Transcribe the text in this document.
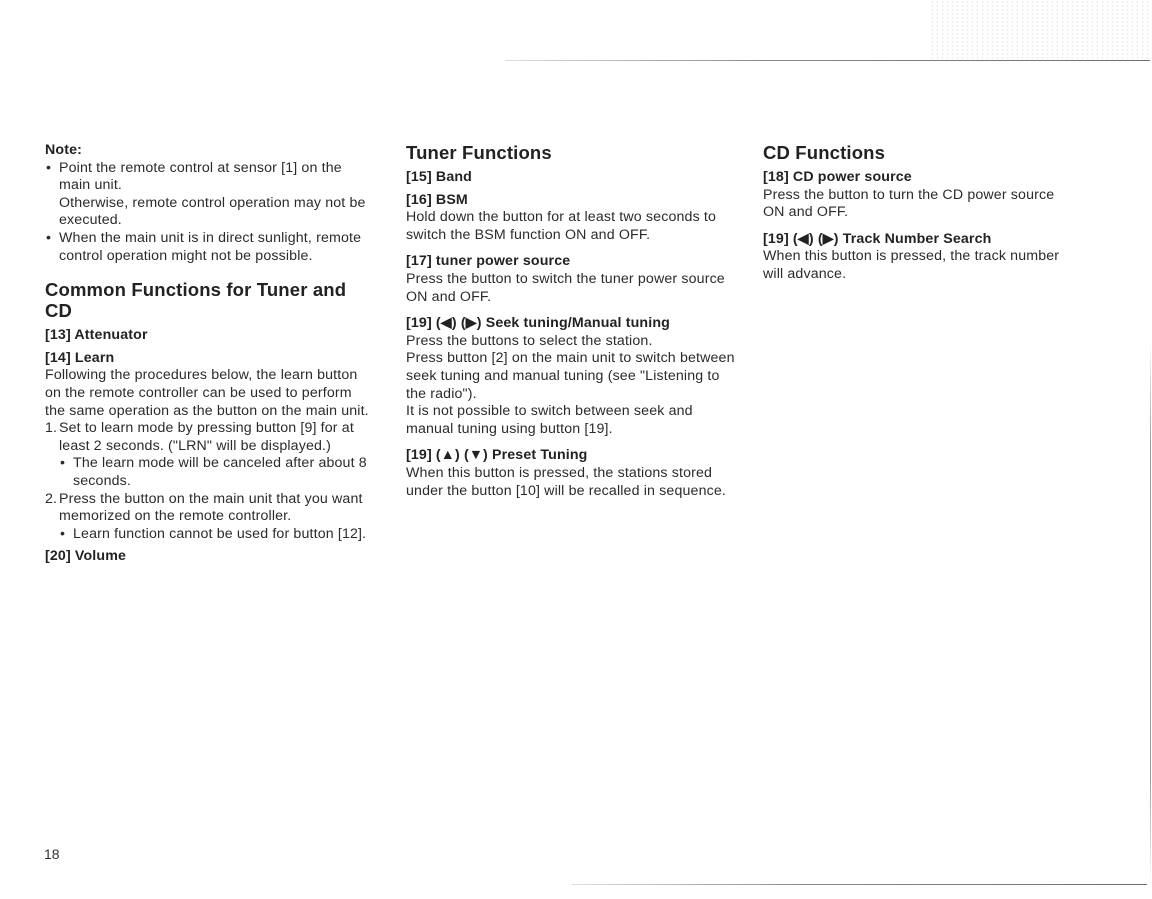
Note:

• Point the remote control at sensor [1] on the main unit.

Otherwise, remote control operation may not be executed.

• When the main unit is in direct sunlight, remote control operation might not be possible.

Common Functions for Tuner and CD
[13] Attenuator
[14] Learn

Following the procedures below, the learn button on the remote controller can be used to perform the same operation as the button on the main unit.

1. Set to learn mode by pressing button [9] for at least 2 seconds. ("LRN" will be displayed.)

• The learn mode will be canceled after about 8 seconds.
2. Press the button on the main unit that you want memorized on the remote controller.

• Learn function cannot be used for button [12].
[20] Volume
Tuner Functions
[15] Band
[16] BSM

Hold down the button for at least two seconds to switch the BSM function ON and OFF.

[17] tuner power source

Press the button to switch the tuner power source ON and OFF.

[19] (◀) (▶) Seek tuning/Manual tuning

Press the buttons to select the station.

Press button [2] on the main unit to switch between seek tuning and manual tuning (see "Listening to the radio").

It is not possible to switch between seek and manual tuning using button [19].

[19] (▲) (▼) Preset Tuning

When this button is pressed, the stations stored under the button [10] will be recalled in sequence.

CD Functions
[18] CD power source

Press the button to turn the CD power source ON and OFF.

[19] (◀) (▶) Track Number Search

When this button is pressed, the track number will advance.

18
